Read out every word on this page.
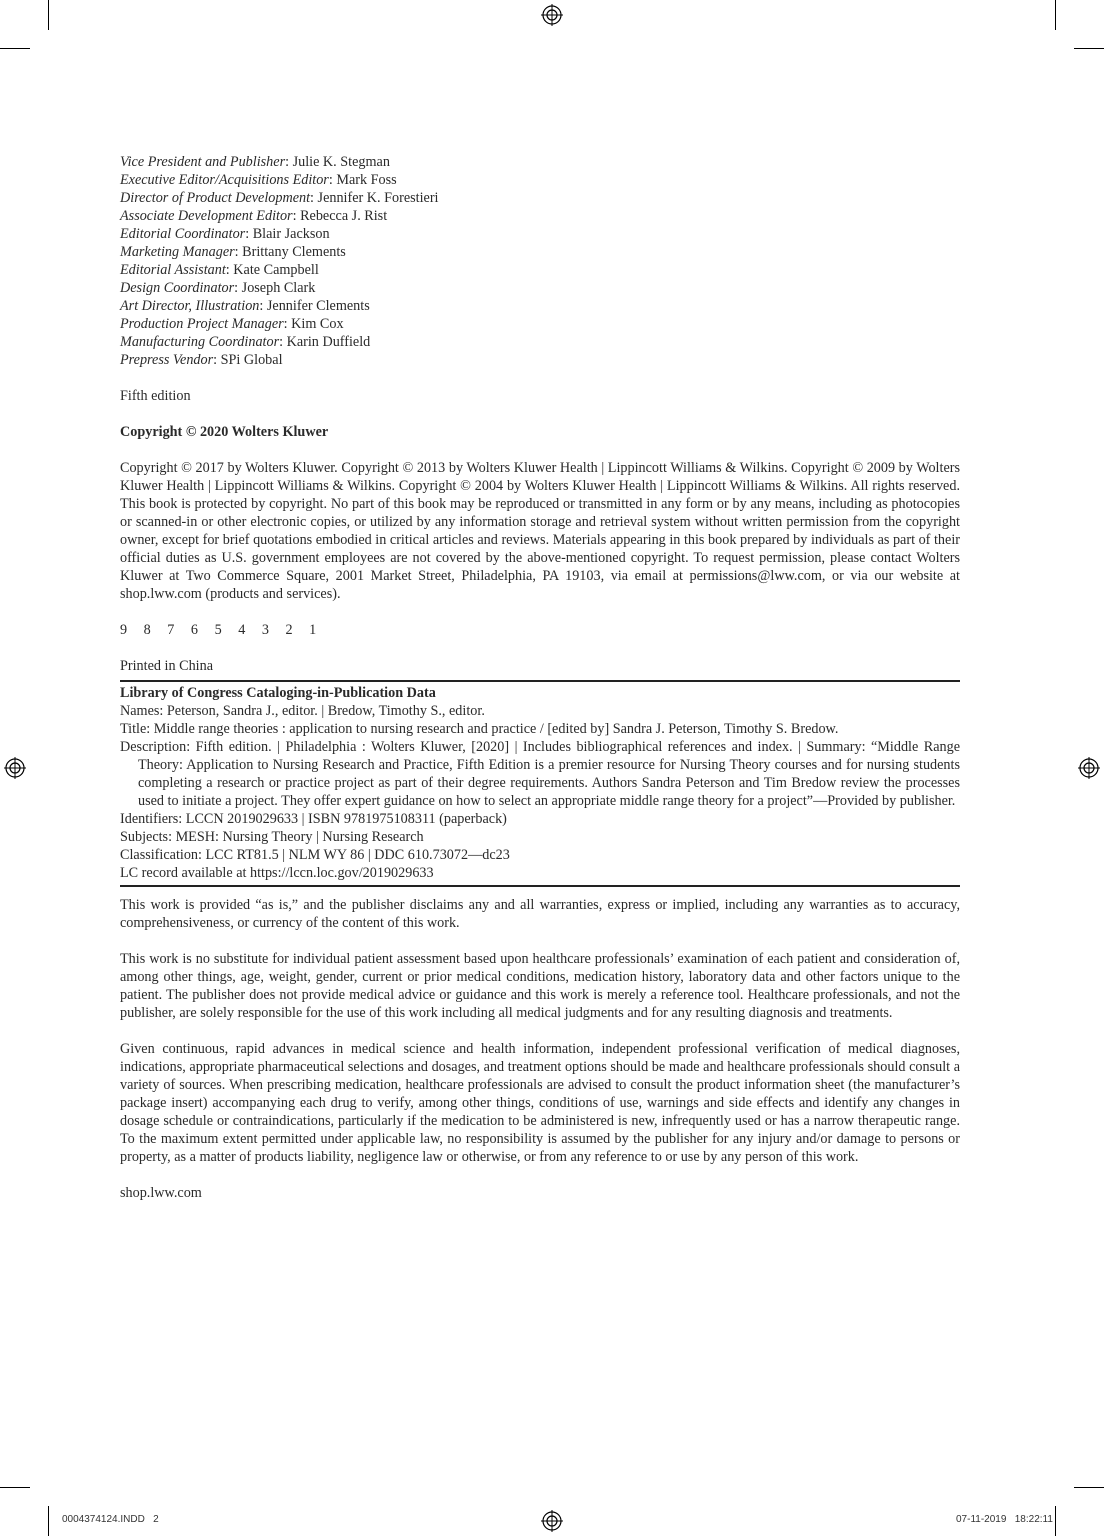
Vice President and Publisher: Julie K. Stegman
Executive Editor/Acquisitions Editor: Mark Foss
Director of Product Development: Jennifer K. Forestieri
Associate Development Editor: Rebecca J. Rist
Editorial Coordinator: Blair Jackson
Marketing Manager: Brittany Clements
Editorial Assistant: Kate Campbell
Design Coordinator: Joseph Clark
Art Director, Illustration: Jennifer Clements
Production Project Manager: Kim Cox
Manufacturing Coordinator: Karin Duffield
Prepress Vendor: SPi Global
Fifth edition
Copyright © 2020 Wolters Kluwer
Copyright © 2017 by Wolters Kluwer. Copyright © 2013 by Wolters Kluwer Health | Lippincott Williams & Wilkins. Copyright © 2009 by Wolters Kluwer Health | Lippincott Williams & Wilkins. Copyright © 2004 by Wolters Kluwer Health | Lippincott Williams & Wilkins. All rights reserved. This book is protected by copyright. No part of this book may be reproduced or transmitted in any form or by any means, including as photocopies or scanned-in or other electronic copies, or utilized by any information storage and retrieval system without written permission from the copyright owner, except for brief quotations embodied in critical articles and reviews. Materials appearing in this book prepared by individuals as part of their official duties as U.S. government employees are not covered by the above-mentioned copyright. To request permission, please contact Wolters Kluwer at Two Commerce Square, 2001 Market Street, Philadelphia, PA 19103, via email at permissions@lww.com, or via our website at shop.lww.com (products and services).
9 8 7 6 5 4 3 2 1
Printed in China
Library of Congress Cataloging-in-Publication Data
Names: Peterson, Sandra J., editor. | Bredow, Timothy S., editor.
Title: Middle range theories : application to nursing research and practice / [edited by] Sandra J. Peterson, Timothy S. Bredow.
Description: Fifth edition. | Philadelphia : Wolters Kluwer, [2020] | Includes bibliographical references and index. | Summary: “Middle Range Theory: Application to Nursing Research and Practice, Fifth Edition is a premier resource for Nursing Theory courses and for nursing students completing a research or practice project as part of their degree requirements. Authors Sandra Peterson and Tim Bredow review the processes used to initiate a project. They offer expert guidance on how to select an appropriate middle range theory for a project”—Provided by publisher.
Identifiers: LCCN 2019029633 | ISBN 9781975108311 (paperback)
Subjects: MESH: Nursing Theory | Nursing Research
Classification: LCC RT81.5 | NLM WY 86 | DDC 610.73072—dc23
LC record available at https://lccn.loc.gov/2019029633
This work is provided “as is,” and the publisher disclaims any and all warranties, express or implied, including any warranties as to accuracy, comprehensiveness, or currency of the content of this work.
This work is no substitute for individual patient assessment based upon healthcare professionals’ examination of each patient and consideration of, among other things, age, weight, gender, current or prior medical conditions, medication history, laboratory data and other factors unique to the patient. The publisher does not provide medical advice or guidance and this work is merely a reference tool. Healthcare professionals, and not the publisher, are solely responsible for the use of this work including all medical judgments and for any resulting diagnosis and treatments.
Given continuous, rapid advances in medical science and health information, independent professional verification of medical diagnoses, indications, appropriate pharmaceutical selections and dosages, and treatment options should be made and healthcare professionals should consult a variety of sources. When prescribing medication, healthcare professionals are advised to consult the product information sheet (the manufacturer’s package insert) accompanying each drug to verify, among other things, conditions of use, warnings and side effects and identify any changes in dosage schedule or contraindications, particularly if the medication to be administered is new, infrequently used or has a narrow therapeutic range. To the maximum extent permitted under applicable law, no responsibility is assumed by the publisher for any injury and/or damage to persons or property, as a matter of products liability, negligence law or otherwise, or from any reference to or use by any person of this work.
shop.lww.com
0004374124.INDD   2	07-11-2019   18:22:11
